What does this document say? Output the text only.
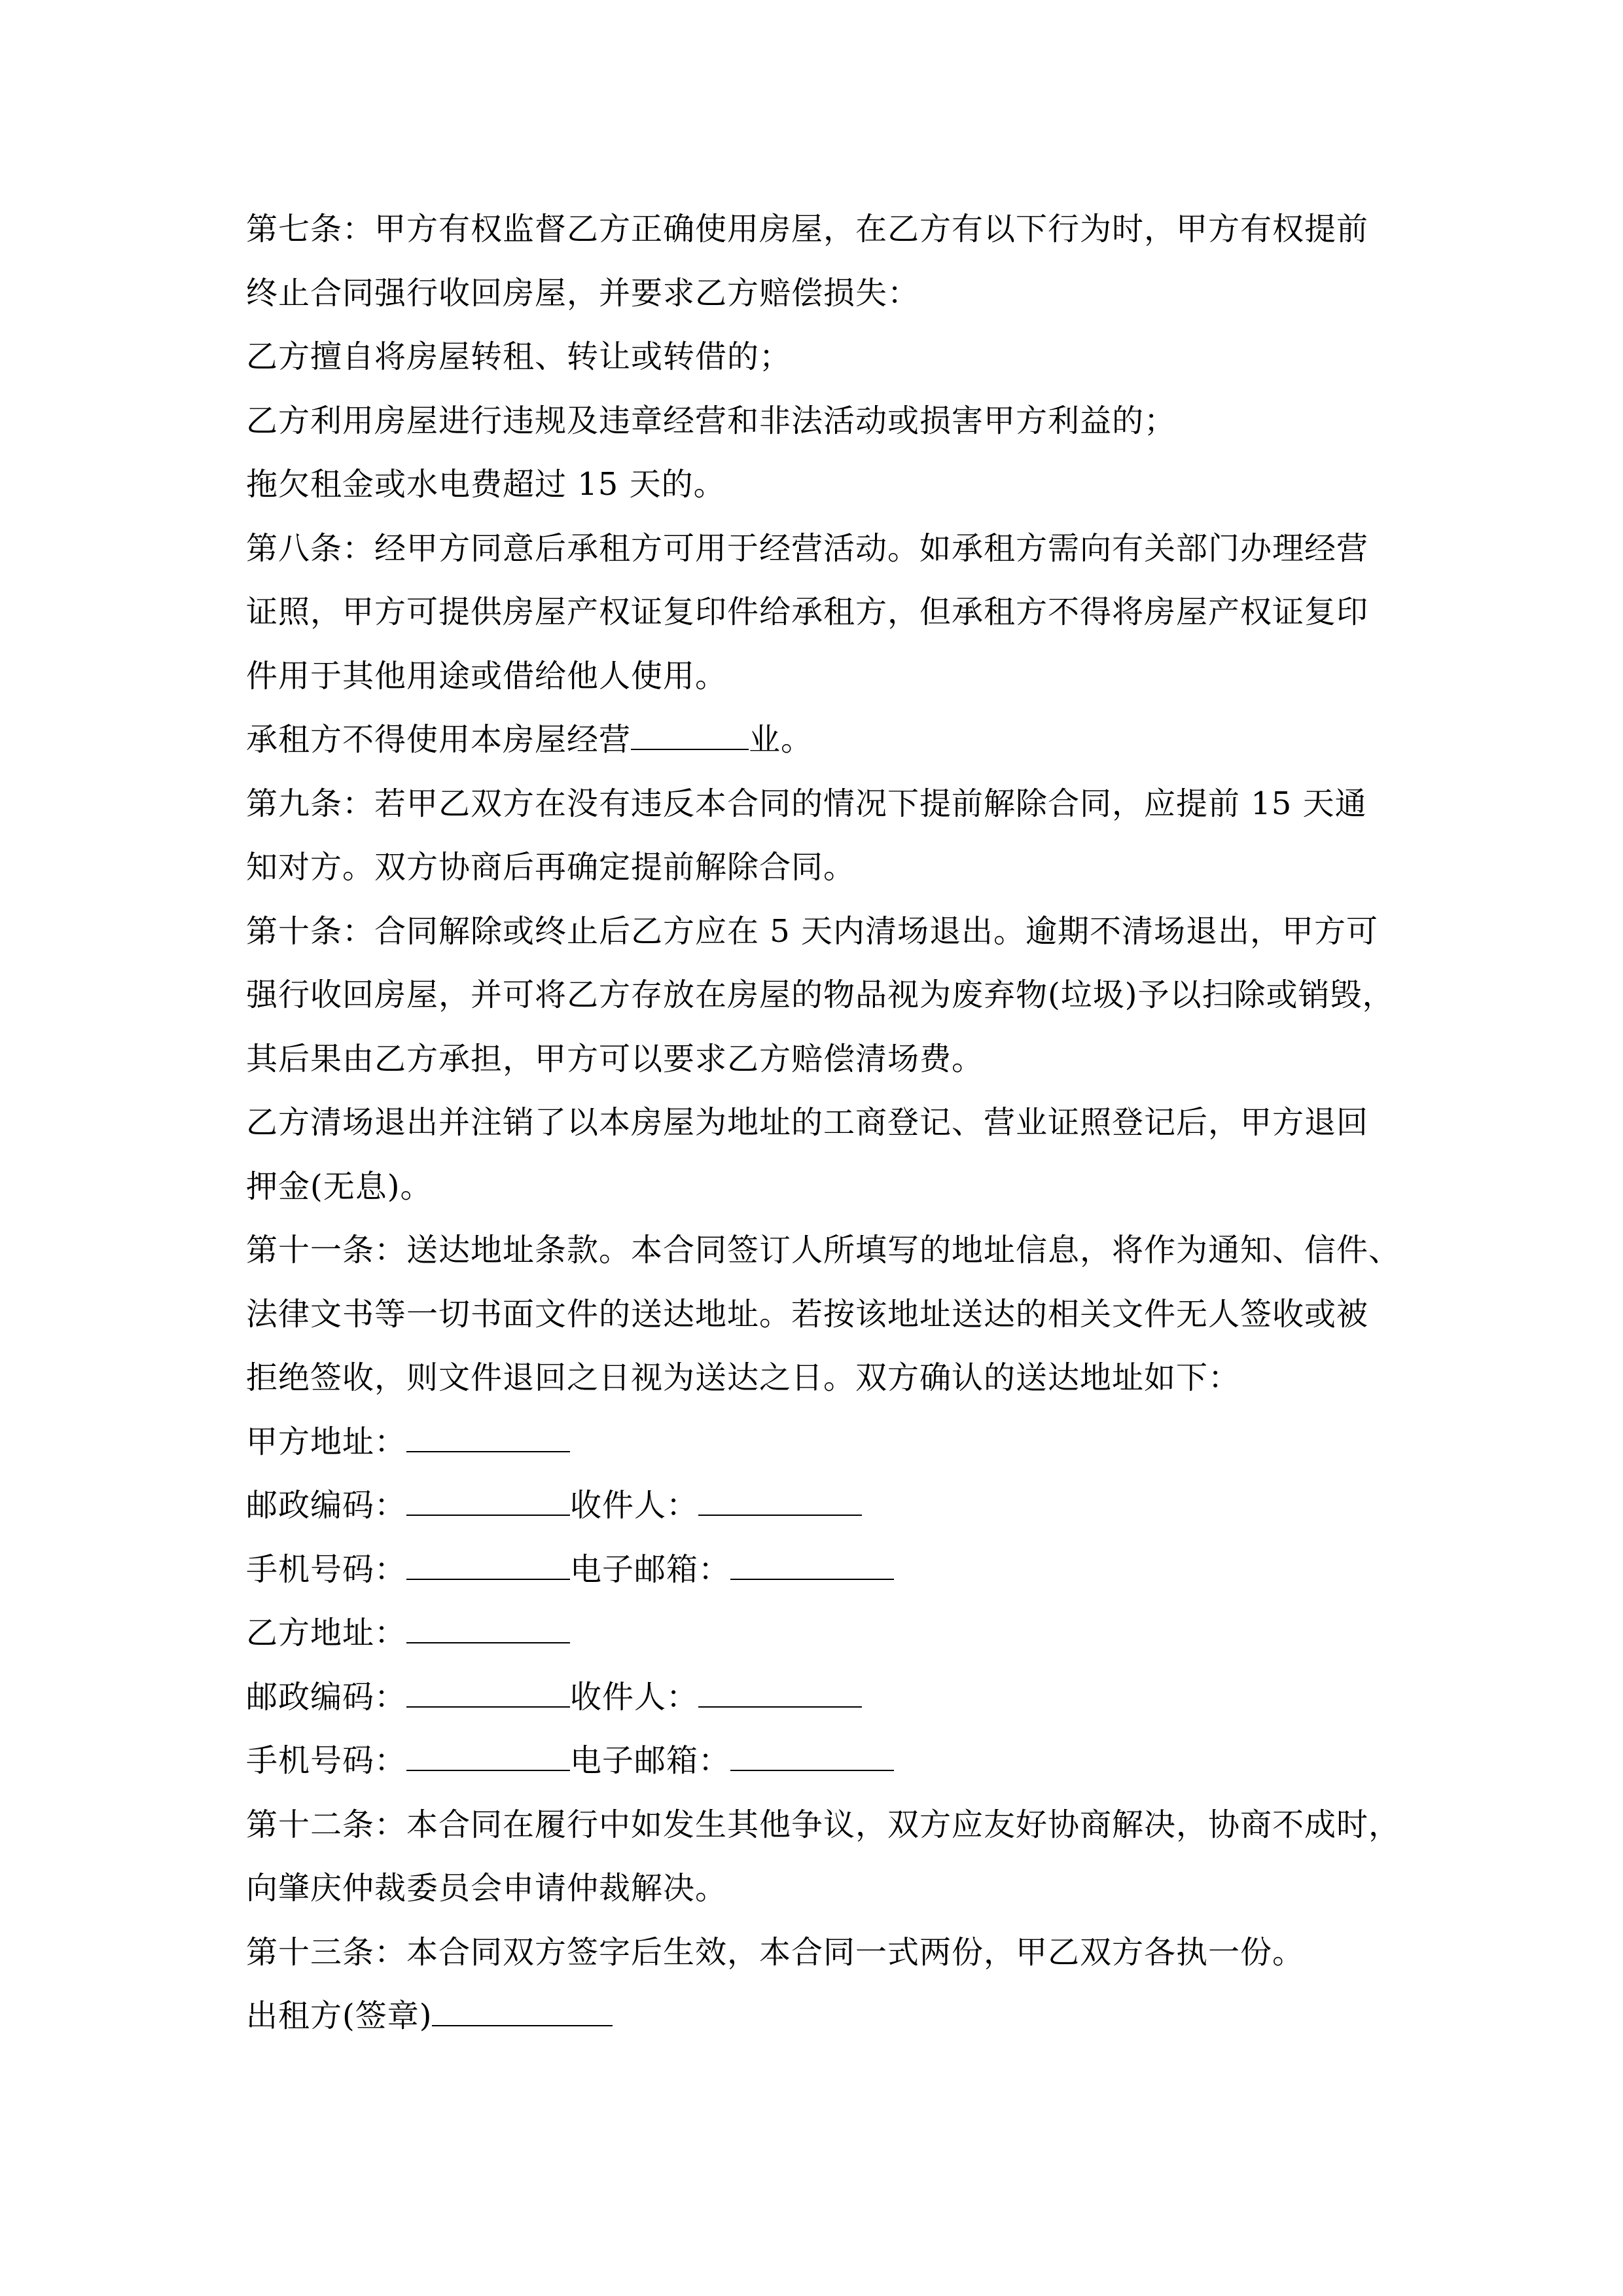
第七条：甲方有权监督乙方正确使用房屋，在乙方有以下行为时，甲方有权提前
终止合同强行收回房屋，并要求乙方赔偿损失：
乙方擅自将房屋转租、转让或转借的；
乙方利用房屋进行违规及违章经营和非法活动或损害甲方利益的；
拖欠租金或水电费超过 15 天的。
第八条：经甲方同意后承租方可用于经营活动。如承租方需向有关部门办理经营
证照，甲方可提供房屋产权证复印件给承租方，但承租方不得将房屋产权证复印
件用于其他用途或借给他人使用。
承租方不得使用本房屋经营	业。
第九条：若甲乙双方在没有违反本合同的情况下提前解除合同，应提前 15 天通
知对方。双方协商后再确定提前解除合同。
第十条：合同解除或终止后乙方应在 5 天内清场退出。逾期不清场退出，甲方可
强行收回房屋，并可将乙方存放在房屋的物品视为废弃物(垃圾)予以扫除或销毁，
其后果由乙方承担，甲方可以要求乙方赔偿清场费。
乙方清场退出并注销了以本房屋为地址的工商登记、营业证照登记后，甲方退回
押金(无息)。
第十一条：送达地址条款。本合同签订人所填写的地址信息，将作为通知、信件、
法律文书等一切书面文件的送达地址。若按该地址送达的相关文件无人签收或被
拒绝签收，则文件退回之日视为送达之日。双方确认的送达地址如下：
甲方地址：
邮政编码：	收件人：
手机号码：	电子邮箱：
乙方地址：
邮政编码：	收件人：
手机号码：	电子邮箱：
第十二条：本合同在履行中如发生其他争议，双方应友好协商解决，协商不成时，
向肇庆仲裁委员会申请仲裁解决。
第十三条：本合同双方签字后生效，本合同一式两份，甲乙双方各执一份。
出租方(签章)
